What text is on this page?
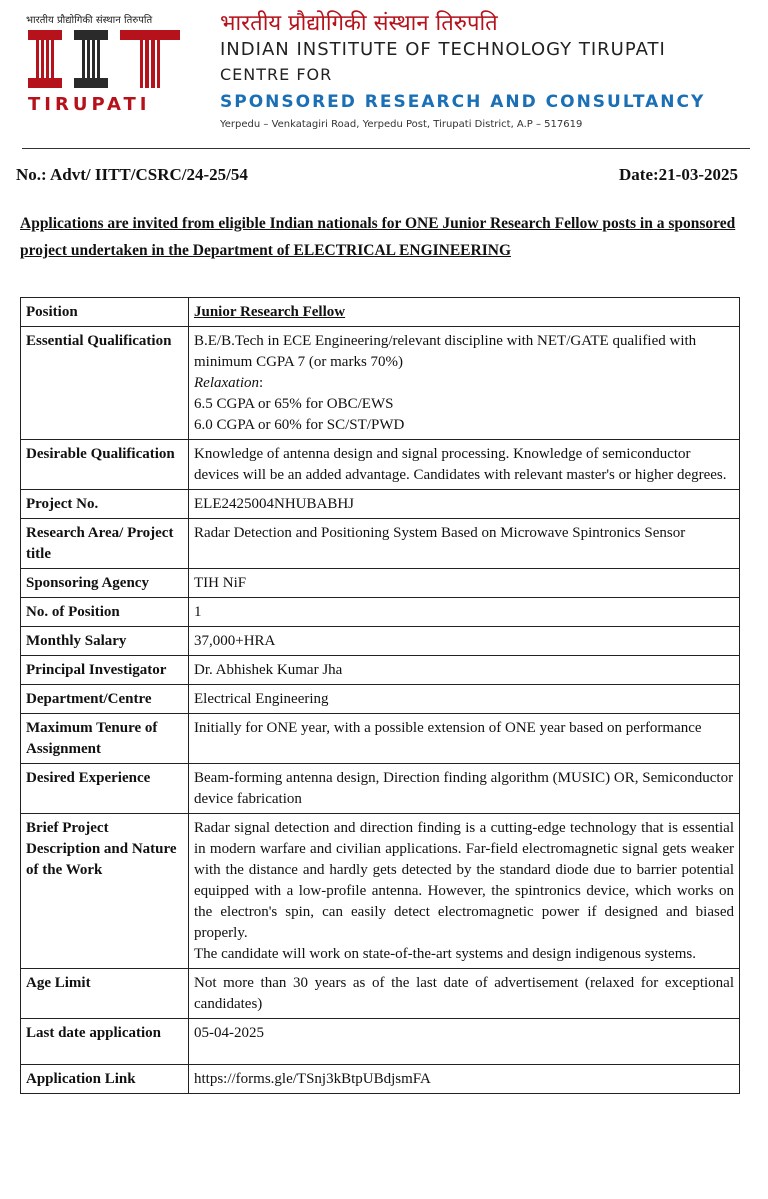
भारतीय प्रौद्योगिकी संस्थान तिरुपति
TIRUPATI
भारतीय प्रौद्योगिकी संस्थान तिरुपति
INDIAN INSTITUTE OF TECHNOLOGY TIRUPATI
CENTRE FOR
SPONSORED RESEARCH AND CONSULTANCY
Yerpedu – Venkatagiri Road, Yerpedu Post, Tirupati District, A.P – 517619
No.: Advt/ IITT/CSRC/24-25/54	Date:21-03-2025
Applications are invited from eligible Indian nationals for ONE Junior Research Fellow posts in a sponsored project undertaken in the Department of ELECTRICAL ENGINEERING
Position	Junior Research Fellow
Essential Qualification	B.E/B.Tech in ECE Engineering/relevant discipline with NET/GATE qualified with minimum CGPA 7 (or marks 70%)
Relaxation:
6.5 CGPA or 65% for OBC/EWS
6.0 CGPA or 60% for SC/ST/PWD

Desirable Qualification	Knowledge of antenna design and signal processing. Knowledge of semiconductor devices will be an added advantage. Candidates with relevant master's or higher degrees.
Project No.	ELE2425004NHUBABHJ
Research Area/ Project title	Radar Detection and Positioning System Based on Microwave Spintronics Sensor
Sponsoring Agency	TIH NiF
No. of Position	1
Monthly Salary	37,000+HRA
Principal Investigator	Dr. Abhishek Kumar Jha
Department/Centre	Electrical Engineering
Maximum Tenure of Assignment	Initially for ONE year, with a possible extension of ONE year based on performance
Desired Experience	Beam-forming antenna design, Direction finding algorithm (MUSIC) OR, Semiconductor device fabrication
Brief Project Description and Nature of the Work	Radar signal detection and direction finding is a cutting-edge technology that is essential in modern warfare and civilian applications. Far-field electromagnetic signal gets weaker with the distance and hardly gets detected by the standard diode due to barrier potential equipped with a low-profile antenna. However, the spintronics device, which works on the electron's spin, can easily detect electromagnetic power if designed and biased properly.
The candidate will work on state-of-the-art systems and design indigenous systems.

Age Limit	Not more than 30 years as of the last date of advertisement (relaxed for exceptional candidates)
Last date application	05-04-2025
Application Link	https://forms.gle/TSnj3kBtpUBdjsmFA
